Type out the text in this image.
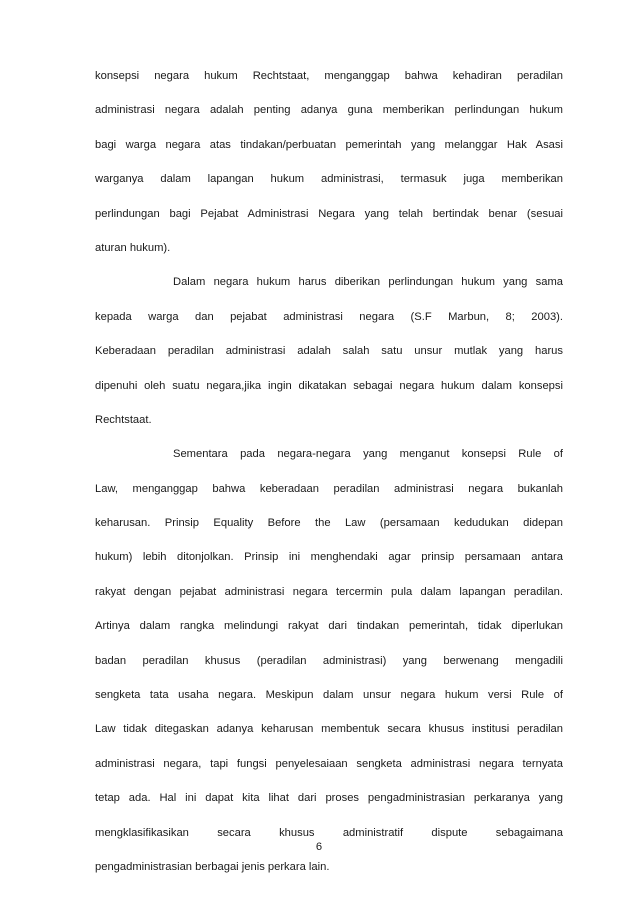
konsepsi negara hukum Rechtstaat, menganggap bahwa kehadiran peradilan
administrasi negara adalah penting adanya guna memberikan perlindungan hukum
bagi warga negara atas tindakan/perbuatan pemerintah yang melanggar Hak Asasi
warganya dalam lapangan hukum administrasi, termasuk juga memberikan
perlindungan bagi Pejabat Administrasi Negara yang telah bertindak benar (sesuai
aturan hukum).
Dalam negara hukum harus diberikan perlindungan hukum yang sama
kepada warga dan pejabat administrasi negara (S.F Marbun, 8; 2003).
Keberadaan peradilan administrasi adalah salah satu unsur mutlak yang harus
dipenuhi oleh suatu negara,jika ingin dikatakan sebagai negara hukum dalam konsepsi
Rechtstaat.
Sementara pada negara-negara yang menganut konsepsi Rule of
Law, menganggap bahwa keberadaan peradilan administrasi negara bukanlah
keharusan. Prinsip Equality Before the Law (persamaan kedudukan didepan
hukum) lebih ditonjolkan. Prinsip ini menghendaki agar prinsip persamaan antara
rakyat dengan pejabat administrasi negara tercermin pula dalam lapangan peradilan.
Artinya dalam rangka melindungi rakyat dari tindakan pemerintah, tidak diperlukan
badan peradilan khusus (peradilan administrasi) yang berwenang mengadili
sengketa tata usaha negara. Meskipun dalam unsur negara hukum versi Rule of
Law tidak ditegaskan adanya keharusan membentuk secara khusus institusi peradilan
administrasi negara, tapi fungsi penyelesaiaan sengketa administrasi negara ternyata
tetap ada. Hal ini dapat kita lihat dari proses pengadministrasian perkaranya yang
mengklasifikasikan secara khusus administratif dispute sebagaimana
pengadministrasian berbagai jenis perkara lain.
6
